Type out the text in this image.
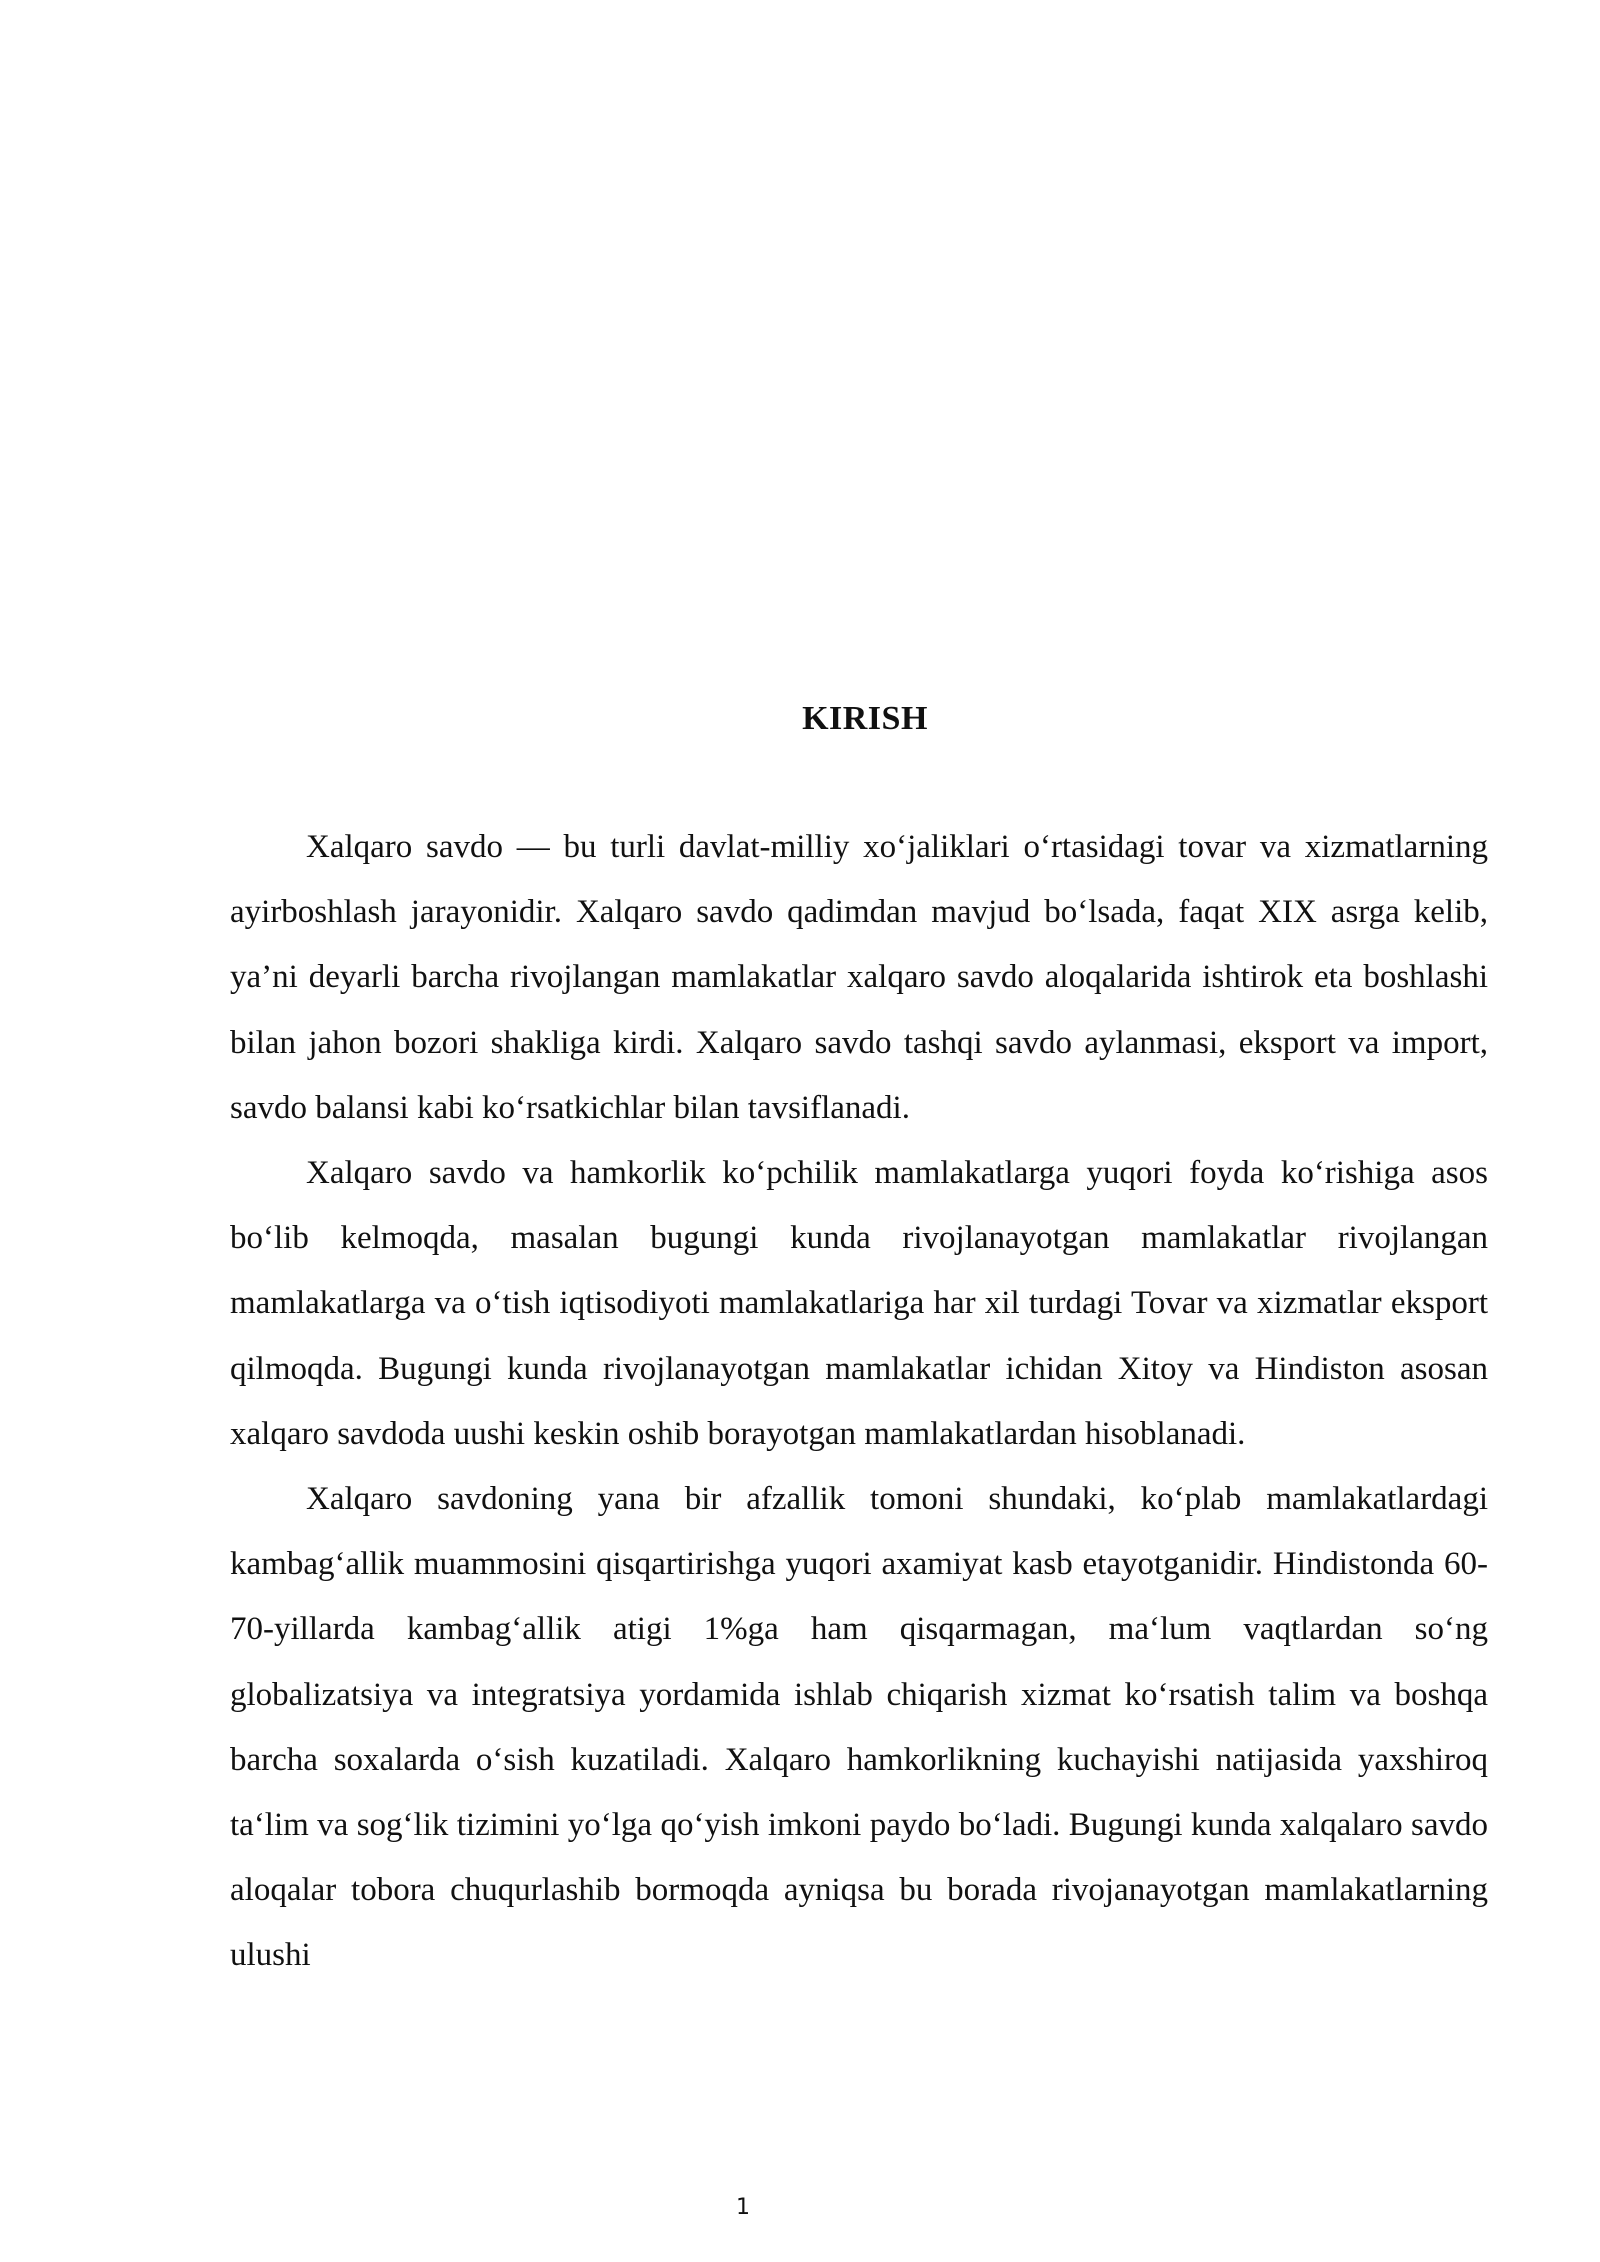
KIRISH

Xalqaro savdo — bu turli davlat-milliy xo‘jaliklari o‘rtasidagi tovar va xizmatlarning ayirboshlash jarayonidir. Xalqaro savdo qadimdan mavjud bo‘lsada, faqat XIX asrga kelib, ya’ni deyarli barcha rivojlangan mamlakatlar xalqaro savdo aloqalarida ishtirok eta boshlashi bilan jahon bozori shakliga kirdi. Xalqaro savdo tashqi savdo aylanmasi, eksport va import, savdo balansi kabi ko‘rsatkichlar bilan tavsiflanadi.

Xalqaro savdo va hamkorlik ko‘pchilik mamlakatlarga yuqori foyda ko‘rishiga asos bo‘lib kelmoqda, masalan bugungi kunda rivojlanayotgan mamlakatlar rivojlangan mamlakatlarga va o‘tish iqtisodiyoti mamlakatlariga har xil turdagi Tovar va xizmatlar eksport qilmoqda. Bugungi kunda rivojlanayotgan mamlakatlar ichidan Xitoy va Hindiston asosan xalqaro savdoda uushi keskin oshib borayotgan mamlakatlardan hisoblanadi.

Xalqaro savdoning yana bir afzallik tomoni shundaki, ko‘plab mamlakatlardagi kambag‘allik muammosini qisqartirishga yuqori axamiyat kasb etayotganidir. Hindistonda 60-70-yillarda kambag‘allik atigi 1%ga ham qisqarmagan, ma‘lum vaqtlardan so‘ng globalizatsiya va integratsiya yordamida ishlab chiqarish xizmat ko‘rsatish talim va boshqa barcha soxalarda o‘sish kuzatiladi. Xalqaro hamkorlikning kuchayishi natijasida yaxshiroq ta‘lim va sog‘lik tizimini yo‘lga qo‘yish imkoni paydo bo‘ladi. Bugungi kunda xalqalaro savdo aloqalar tobora chuqurlashib bormoqda ayniqsa bu borada rivojanayotgan mamlakatlarning ulushi

1
